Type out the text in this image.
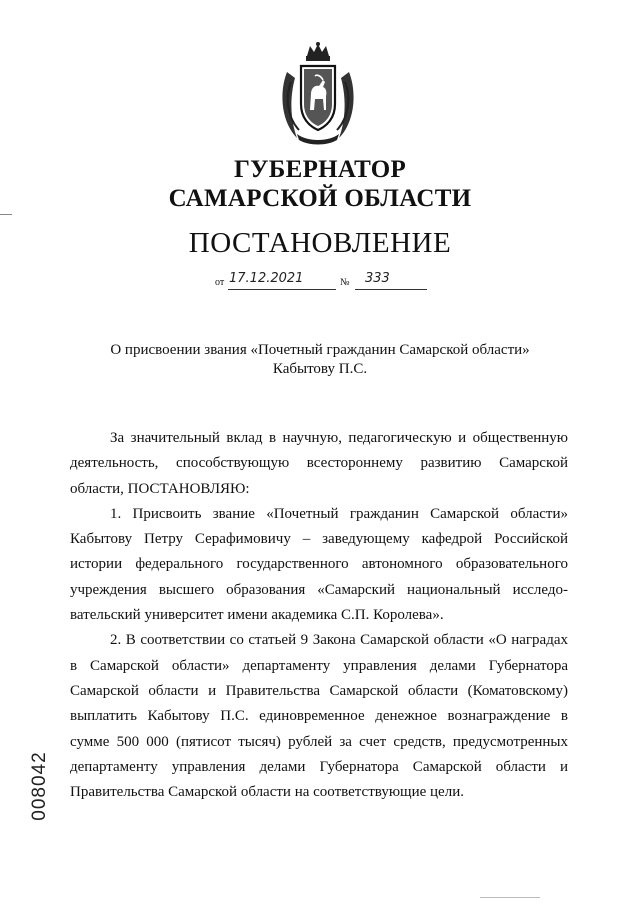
ГУБЕРНАТОР
САМАРСКОЙ ОБЛАСТИ
ПОСТАНОВЛЕНИЕ
от 17.12.2021	№ 333
О присвоении звания «Почетный гражданин Самарской области»
Кабытову П.С.

За значительный вклад в научную, педагогическую и общественную деятельность, способствующую всестороннему развитию Самарской области, ПОСТАНОВЛЯЮ:

1. Присвоить звание «Почетный гражданин Самарской области» Кабытову Петру Серафимовичу – заведующему кафедрой Российской истории федерального государственного автономного образовательного учреждения высшего образования «Самарский национальный исследо-вательский университет имени академика С.П. Королева».

2. В соответствии со статьей 9 Закона Самарской области «О наградах в Самарской области» департаменту управления делами Губернатора Самарской области и Правительства Самарской области (Коматовскому) выплатить Кабытову П.С. единовременное денежное вознаграждение в сумме 500 000 (пятисот тысяч) рублей за счет средств, предусмотренных департаменту управления делами Губернатора Самарской области и Правительства Самарской области на соответствующие цели.

008042
